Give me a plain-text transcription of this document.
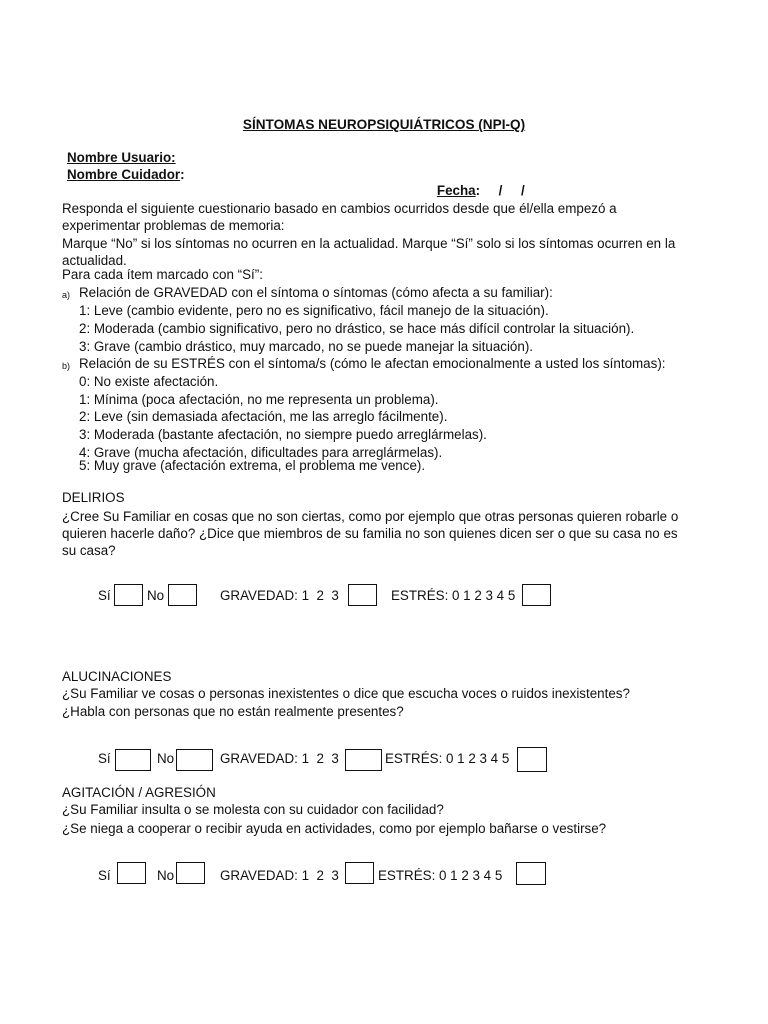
SÍNTOMAS NEUROPSIQUIÁTRICOS (NPI-Q)
Nombre Usuario:
Nombre Cuidador:

Fecha:     /     /

Responda el siguiente cuestionario basado en cambios ocurridos desde que él/ella empezó a
experimentar problemas de memoria:
Marque “No” si los síntomas no ocurren en la actualidad. Marque “Sí” solo si los síntomas ocurren en la
actualidad.
Para cada ítem marcado con “Sí”:
a) Relación de GRAVEDAD con el síntoma o síntomas (cómo afecta a su familiar):
1: Leve (cambio evidente, pero no es significativo, fácil manejo de la situación).
2: Moderada (cambio significativo, pero no drástico, se hace más difícil controlar la situación).
3: Grave (cambio drástico, muy marcado, no se puede manejar la situación).
b) Relación de su ESTRÉS con el síntoma/s (cómo le afectan emocionalmente a usted los síntomas):
0: No existe afectación.
1: Mínima (poca afectación, no me representa un problema).
2: Leve (sin demasiada afectación, me las arreglo fácilmente).
3: Moderada (bastante afectación, no siempre puedo arreglármelas).
4: Grave (mucha afectación, dificultades para arreglármelas).
5: Muy grave (afectación extrema, el problema me vence).
DELIRIOS
¿Cree Su Familiar en cosas que no son ciertas, como por ejemplo que otras personas quieren robarle o
quieren hacerle daño? ¿Dice que miembros de su familia no son quienes dicen ser o que su casa no es
su casa?
Sí	No	GRAVEDAD: 1  2  3	ESTRÉS: 0 1 2 3 4 5
ALUCINACIONES
¿Su Familiar ve cosas o personas inexistentes o dice que escucha voces o ruidos inexistentes?
¿Habla con personas que no están realmente presentes?
Sí	No	GRAVEDAD: 1  2  3	ESTRÉS: 0 1 2 3 4 5
AGITACIÓN / AGRESIÓN
¿Su Familiar insulta o se molesta con su cuidador con facilidad?
¿Se niega a cooperar o recibir ayuda en actividades, como por ejemplo bañarse o vestirse?
Sí	No	GRAVEDAD: 1  2  3	ESTRÉS: 0 1 2 3 4 5
